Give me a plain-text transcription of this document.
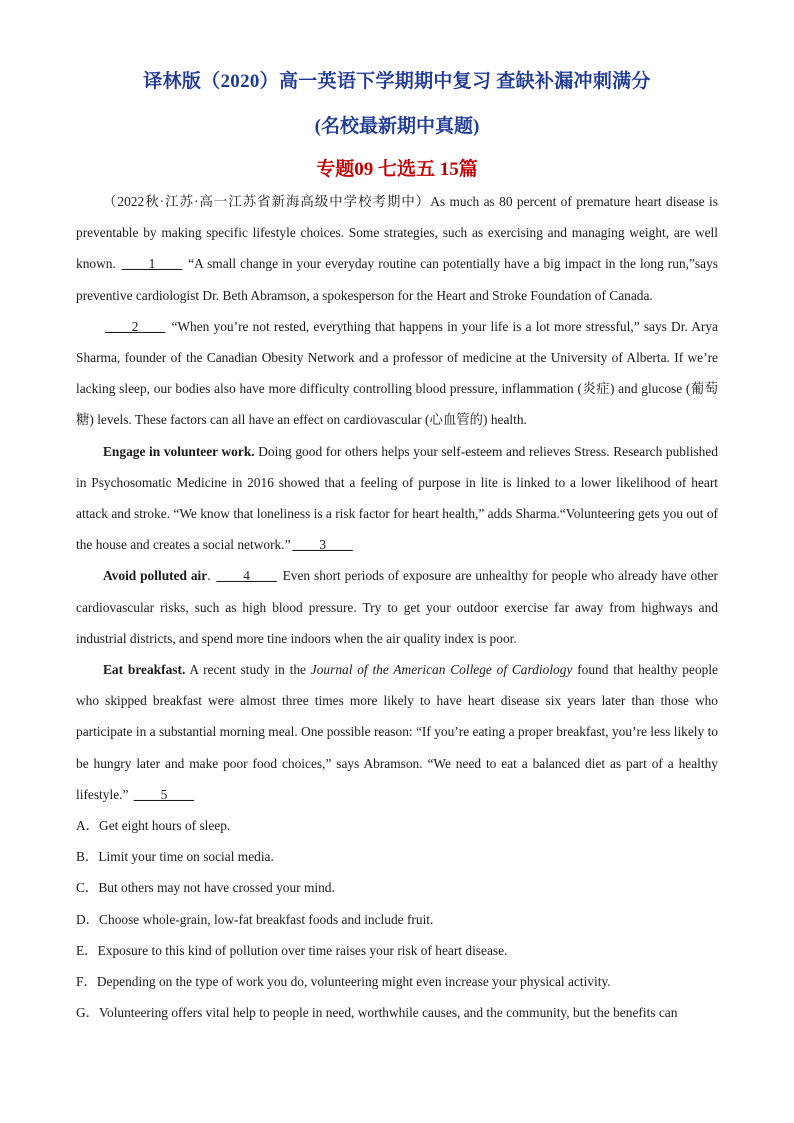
译林版（2020）高一英语下学期期中复习 查缺补漏冲刺满分
(名校最新期中真题)
专题09 七选五 15篇

（2022秋·江苏·高一江苏省新海高级中学校考期中）As much as 80 percent of premature heart disease is preventable by making specific lifestyle choices. Some strategies, such as exercising and managing weight, are well known. ____1____ “A small change in your everyday routine can potentially have a big impact in the long run,”says preventive cardiologist Dr. Beth Abramson, a spokesperson for the Heart and Stroke Foundation of Canada.

____2____ “When you’re not rested, everything that happens in your life is a lot more stressful,” says Dr. Arya Sharma, founder of the Canadian Obesity Network and a professor of medicine at the University of Alberta. If we’re lacking sleep, our bodies also have more difficulty controlling blood pressure, inflammation (炎症) and glucose (葡萄糖) levels. These factors can all have an effect on cardiovascular (心血管的) health.

Engage in volunteer work. Doing good for others helps your self-esteem and relieves Stress. Research published in Psychosomatic Medicine in 2016 showed that a feeling of purpose in lite is linked to a lower likelihood of heart attack and stroke. “We know that loneliness is a risk factor for heart health,” adds Sharma.“Volunteering gets you out of the house and creates a social network.” ____3____

Avoid polluted air. ____4____ Even short periods of exposure are unhealthy for people who already have other cardiovascular risks, such as high blood pressure. Try to get your outdoor exercise far away from highways and industrial districts, and spend more tine indoors when the air quality index is poor.

Eat breakfast. A recent study in the Journal of the American College of Cardiology found that healthy people who skipped breakfast were almost three times more likely to have heart disease six years later than those who participate in a substantial morning meal. One possible reason: “If you’re eating a proper breakfast, you’re less likely to be hungry later and make poor food choices,” says Abramson. “We need to eat a balanced diet as part of a healthy lifestyle.” ____5____

A．Get eight hours of sleep.

B．Limit your time on social media.

C．But others may not have crossed your mind.

D．Choose whole-grain, low-fat breakfast foods and include fruit.

E．Exposure to this kind of pollution over time raises your risk of heart disease.

F．Depending on the type of work you do, volunteering might even increase your physical activity.

G．Volunteering offers vital help to people in need, worthwhile causes, and the community, but the benefits can
